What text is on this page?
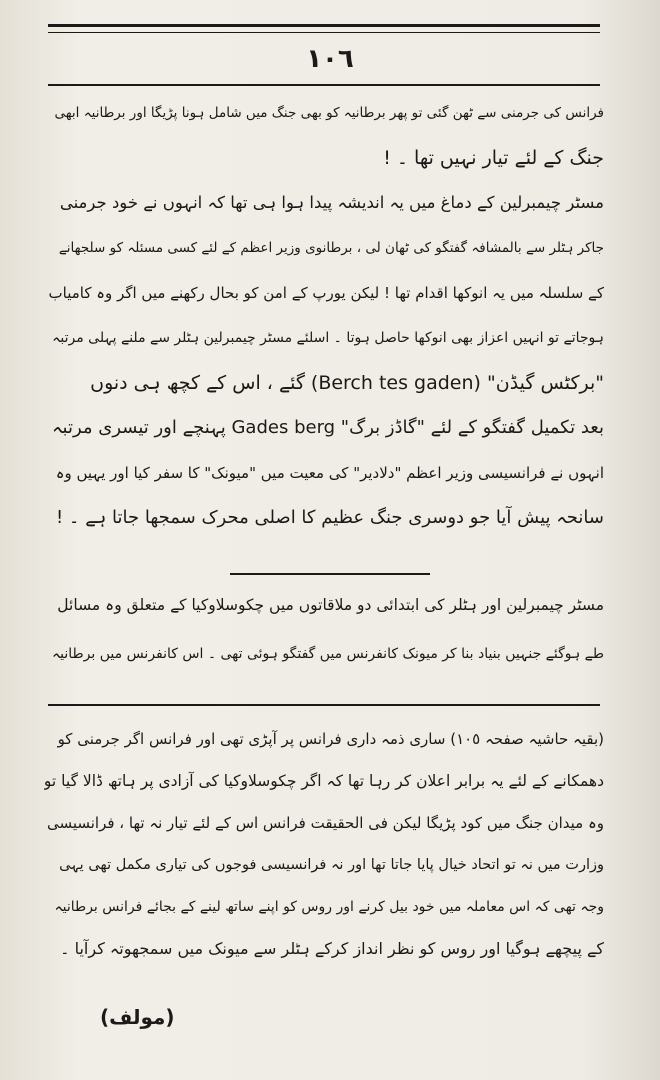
١٠٦
فرانس کی جرمنی سے ٹھن گئی تو پھر برطانیہ کو بھی جنگ میں شامل ہونا پڑیگا اور برطانیہ ابھی
جنگ کے لئے تیار نہیں تھا ۔ !
مسٹر چیمبرلین کے دماغ میں یہ اندیشہ پیدا ہوا ہی تھا کہ انہوں نے خود جرمنی
جاکر ہٹلر سے بالمشافہ گفتگو کی ٹھان لی ، برطانوی وزیر اعظم کے لئے کسی مسئلہ کو سلجھانے
کے سلسلہ میں یہ انوکھا اقدام تھا ! لیکن یورپ کے امن کو بحال رکھنے میں اگر وہ کامیاب
ہوجاتے تو انہیں اعزاز بھی انوکھا حاصل ہوتا ۔ اسلئے مسٹر چیمبرلین ہٹلر سے ملنے پہلی مرتبہ
"برکٹس گیڈن" (Berch tes gaden) گئے ، اس کے کچھ ہی دنوں
بعد تکمیل گفتگو کے لئے "گاڈز برگ" Gades berg پہنچے اور تیسری مرتبہ
انہوں نے فرانسیسی وزیر اعظم "دلادیر" کی معیت میں "میونک" کا سفر کیا اور یہیں وہ
سانحہ پیش آیا جو دوسری جنگ عظیم کا اصلی محرک سمجھا جاتا ہے ۔ !
مسٹر چیمبرلین اور ہٹلر کی ابتدائی دو ملاقاتوں میں چکوسلاوکیا کے متعلق وہ مسائل
طے ہوگئے جنہیں بنیاد بنا کر میونک کانفرنس میں گفتگو ہوئی تھی ۔ اس کانفرنس میں برطانیہ
(بقیہ حاشیہ صفحہ ١٠٥) ساری ذمہ داری فرانس پر آپڑی تھی اور فرانس اگر جرمنی کو
دھمکانے کے لئے یہ برابر اعلان کر رہا تھا کہ اگر چکوسلاوکیا کی آزادی پر ہاتھ ڈالا گیا تو
وہ میدان جنگ میں کود پڑیگا لیکن فی الحقیقت فرانس اس کے لئے تیار نہ تھا ، فرانسیسی
وزارت میں نہ تو اتحاد خیال پایا جاتا تھا اور نہ فرانسیسی فوجوں کی تیاری مکمل تھی یہی
وجہ تھی کہ اس معاملہ میں خود بیل کرنے اور روس کو اپنے ساتھ لینے کے بجائے فرانس برطانیہ
کے پیچھے ہوگیا اور روس کو نظر انداز کرکے ہٹلر سے میونک میں سمجھوتہ کرآیا ۔
(مولف)
